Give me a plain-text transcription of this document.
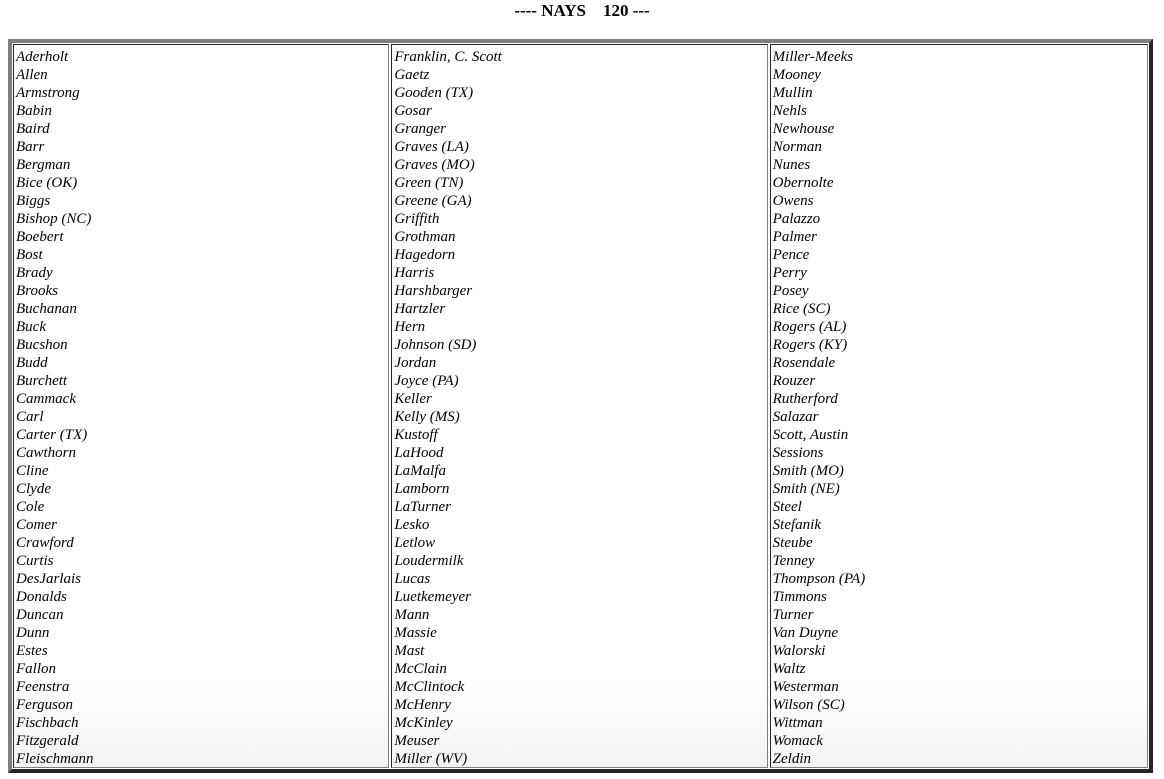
---- NAYS 120 ---
Aderholt
Allen
Armstrong
Babin
Baird
Barr
Bergman
Bice (OK)
Biggs
Bishop (NC)
Boebert
Bost
Brady
Brooks
Buchanan
Buck
Bucshon
Budd
Burchett
Cammack
Carl
Carter (TX)
Cawthorn
Cline
Clyde
Cole
Comer
Crawford
Curtis
DesJarlais
Donalds
Duncan
Dunn
Estes
Fallon
Feenstra
Ferguson
Fischbach
Fitzgerald
Fleischmann
Franklin, C. Scott
Gaetz
Gooden (TX)
Gosar
Granger
Graves (LA)
Graves (MO)
Green (TN)
Greene (GA)
Griffith
Grothman
Hagedorn
Harris
Harshbarger
Hartzler
Hern
Johnson (SD)
Jordan
Joyce (PA)
Keller
Kelly (MS)
Kustoff
LaHood
LaMalfa
Lamborn
LaTurner
Lesko
Letlow
Loudermilk
Lucas
Luetkemeyer
Mann
Massie
Mast
McClain
McClintock
McHenry
McKinley
Meuser
Miller (WV)
Miller-Meeks
Mooney
Mullin
Nehls
Newhouse
Norman
Nunes
Obernolte
Owens
Palazzo
Palmer
Pence
Perry
Posey
Rice (SC)
Rogers (AL)
Rogers (KY)
Rosendale
Rouzer
Rutherford
Salazar
Scott, Austin
Sessions
Smith (MO)
Smith (NE)
Steel
Stefanik
Steube
Tenney
Thompson (PA)
Timmons
Turner
Van Duyne
Walorski
Waltz
Westerman
Wilson (SC)
Wittman
Womack
Zeldin
